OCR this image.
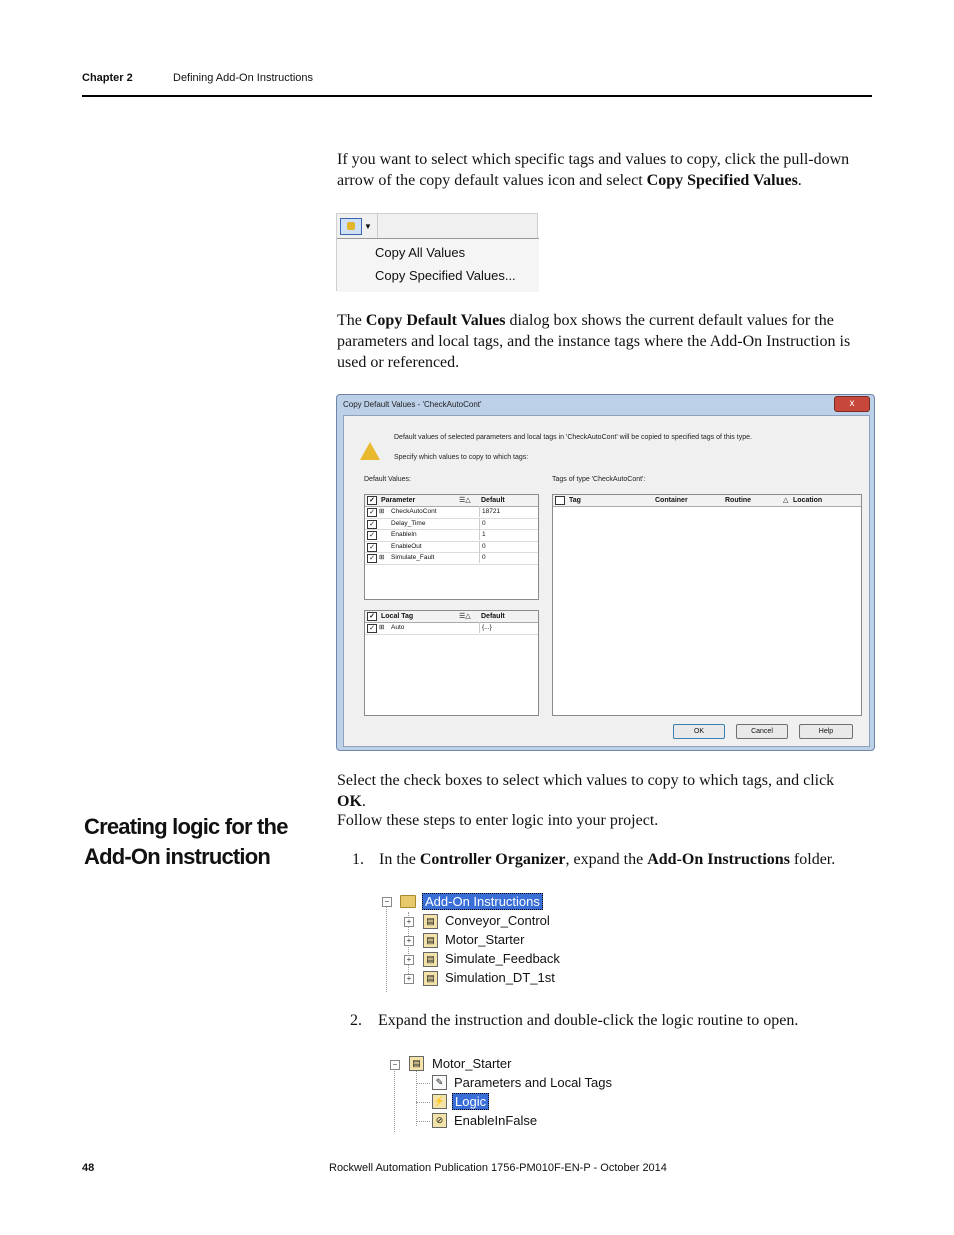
Chapter 2	Defining Add-On Instructions
If you want to select which specific tags and values to copy, click the pull-down arrow of the copy default values icon and select Copy Specified Values.
▼
Copy All Values
Copy Specified Values...
The Copy Default Values dialog box shows the current default values for the parameters and local tags, and the instance tags where the Add-On Instruction is used or referenced.
Copy Default Values - 'CheckAutoCont'	x
Default values of selected parameters and local tags in 'CheckAutoCont' will be copied to specified tags of this type.
Specify which values to copy to which tags:
Default Values:	Tags of type 'CheckAutoCont':
✓ Parameter	☰△ Default
✓ ⊞ CheckAutoCont	18721
✓	Delay_Time	0
✓	EnableIn	1
✓	EnableOut	0
✓ ⊞ Simulate_Fault	0
✓ Local Tag	☰△ Default
✓ ⊞ Auto	{...}
Tag	Container	Routine	△ Location
OK	Cancel	Help
Select the check boxes to select which values to copy to which tags, and click OK.
Creating logic for the
Add-On instruction
Follow these steps to enter logic into your project.
1. In the Controller Organizer, expand the Add-On Instructions folder.
−	Add-On Instructions
+	▤ Conveyor_Control
+	▤ Motor_Starter
+	▤ Simulate_Feedback
+	▤ Simulation_DT_1st
2. Expand the instruction and double-click the logic routine to open.
−	▤ Motor_Starter
✎ Parameters and Local Tags
⚡ Logic
⊘ EnableInFalse
48	Rockwell Automation Publication 1756-PM010F-EN-P - October 2014
